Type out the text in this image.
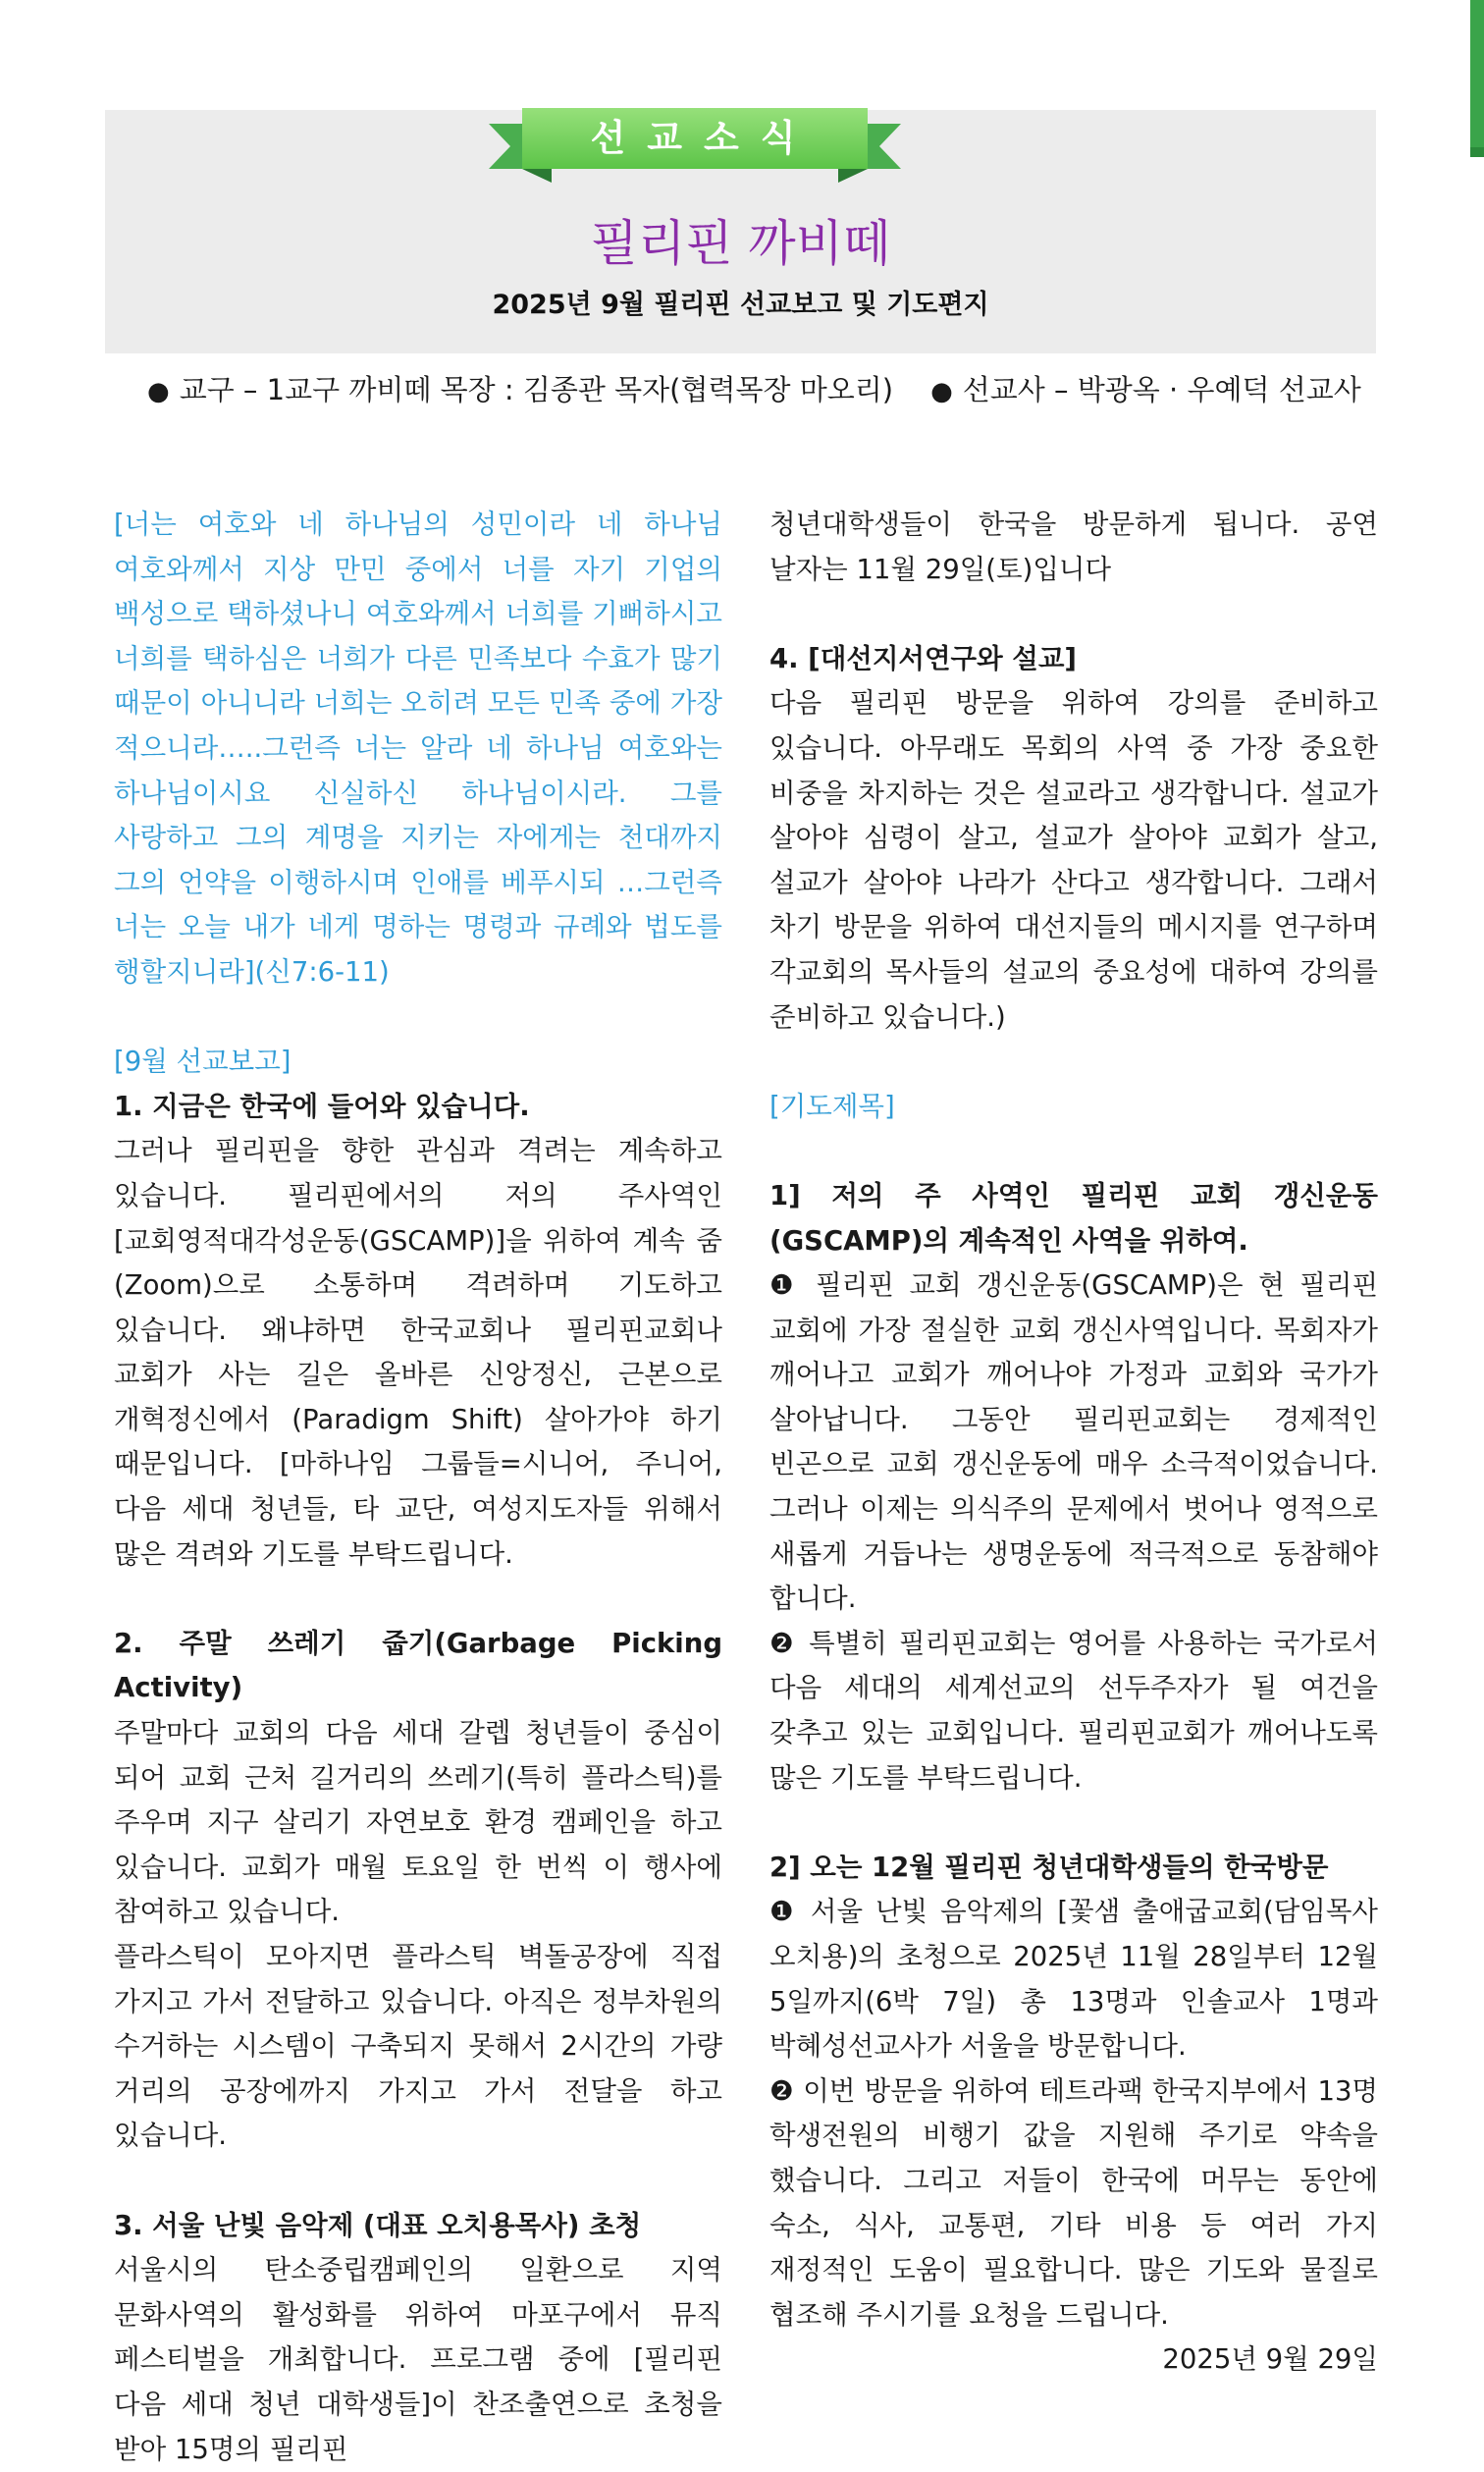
선교소식
필리핀 까비떼
2025년 9월 필리핀 선교보고 및 기도편지
● 교구 – 1교구 까비떼 목장 : 김종관 목자(협력목장 마오리) ● 선교사 – 박광옥 · 우예덕 선교사

[너는 여호와 네 하나님의 성민이라 네 하나님 여호와께서 지상 만민 중에서 너를 자기 기업의 백성으로 택하셨나니 여호와께서 너희를 기뻐하시고 너희를 택하심은 너희가 다른 민족보다 수효가 많기 때문이 아니니라 너희는 오히려 모든 민족 중에 가장 적으니라…..그런즉 너는 알라 네 하나님 여호와는 하나님이시요 신실하신 하나님이시라. 그를 사랑하고 그의 계명을 지키는 자에게는 천대까지 그의 언약을 이행하시며 인애를 베푸시되 …그런즉 너는 오늘 내가 네게 명하는 명령과 규례와 법도를 행할지니라](신7:6-11)

[9월 선교보고]

1. 지금은 한국에 들어와 있습니다.

그러나 필리핀을 향한 관심과 격려는 계속하고 있습니다. 필리핀에서의 저의 주사역인 [교회영적대각성운동(GSCAMP)]을 위하여 계속 줌(Zoom)으로 소통하며 격려하며 기도하고 있습니다. 왜냐하면 한국교회나 필리핀교회나 교회가 사는 길은 올바른 신앙정신, 근본으로 개혁정신에서 (Paradigm Shift) 살아가야 하기 때문입니다. [마하나임 그룹들=시니어, 주니어, 다음 세대 청년들, 타 교단, 여성지도자들 위해서 많은 격려와 기도를 부탁드립니다.

2. 주말 쓰레기 줍기(Garbage Picking Activity)

주말마다 교회의 다음 세대 갈렙 청년들이 중심이 되어 교회 근처 길거리의 쓰레기(특히 플라스틱)를 주우며 지구 살리기 자연보호 환경 캠페인을 하고 있습니다. 교회가 매월 토요일 한 번씩 이 행사에 참여하고 있습니다.

플라스틱이 모아지면 플라스틱 벽돌공장에 직접 가지고 가서 전달하고 있습니다. 아직은 정부차원의 수거하는 시스템이 구축되지 못해서 2시간의 가량 거리의 공장에까지 가지고 가서 전달을 하고 있습니다.

3. 서울 난빛 음악제 (대표 오치용목사) 초청

서울시의 탄소중립캠페인의 일환으로 지역 문화사역의 활성화를 위하여 마포구에서 뮤직 페스티벌을 개최합니다. 프로그램 중에 [필리핀 다음 세대 청년 대학생들]이 찬조출연으로 초청을 받아 15명의 필리핀

청년대학생들이 한국을 방문하게 됩니다. 공연 날자는 11월 29일(토)입니다

4. [대선지서연구와 설교]

다음 필리핀 방문을 위하여 강의를 준비하고 있습니다. 아무래도 목회의 사역 중 가장 중요한 비중을 차지하는 것은 설교라고 생각합니다. 설교가 살아야 심령이 살고, 설교가 살아야 교회가 살고, 설교가 살아야 나라가 산다고 생각합니다. 그래서 차기 방문을 위하여 대선지들의 메시지를 연구하며 각교회의 목사들의 설교의 중요성에 대하여 강의를 준비하고 있습니다.)

[기도제목]

1] 저의 주 사역인 필리핀 교회 갱신운동(GSCAMP)의 계속적인 사역을 위하여.

❶ 필리핀 교회 갱신운동(GSCAMP)은 현 필리핀 교회에 가장 절실한 교회 갱신사역입니다. 목회자가 깨어나고 교회가 깨어나야 가정과 교회와 국가가 살아납니다. 그동안 필리핀교회는 경제적인 빈곤으로 교회 갱신운동에 매우 소극적이었습니다. 그러나 이제는 의식주의 문제에서 벗어나 영적으로 새롭게 거듭나는 생명운동에 적극적으로 동참해야 합니다.

❷ 특별히 필리핀교회는 영어를 사용하는 국가로서 다음 세대의 세계선교의 선두주자가 될 여건을 갖추고 있는 교회입니다. 필리핀교회가 깨어나도록 많은 기도를 부탁드립니다.

2] 오는 12월 필리핀 청년대학생들의 한국방문

❶ 서울 난빛 음악제의 [꽃샘 출애굽교회(담임목사 오치용)의 초청으로 2025년 11월 28일부터 12월 5일까지(6박 7일) 총 13명과 인솔교사 1명과 박혜성선교사가 서울을 방문합니다.

❷ 이번 방문을 위하여 테트라팩 한국지부에서 13명 학생전원의 비행기 값을 지원해 주기로 약속을 했습니다. 그리고 저들이 한국에 머무는 동안에 숙소, 식사, 교통편, 기타 비용 등 여러 가지 재정적인 도움이 필요합니다. 많은 기도와 물질로 협조해 주시기를 요청을 드립니다.

2025년 9월 29일
